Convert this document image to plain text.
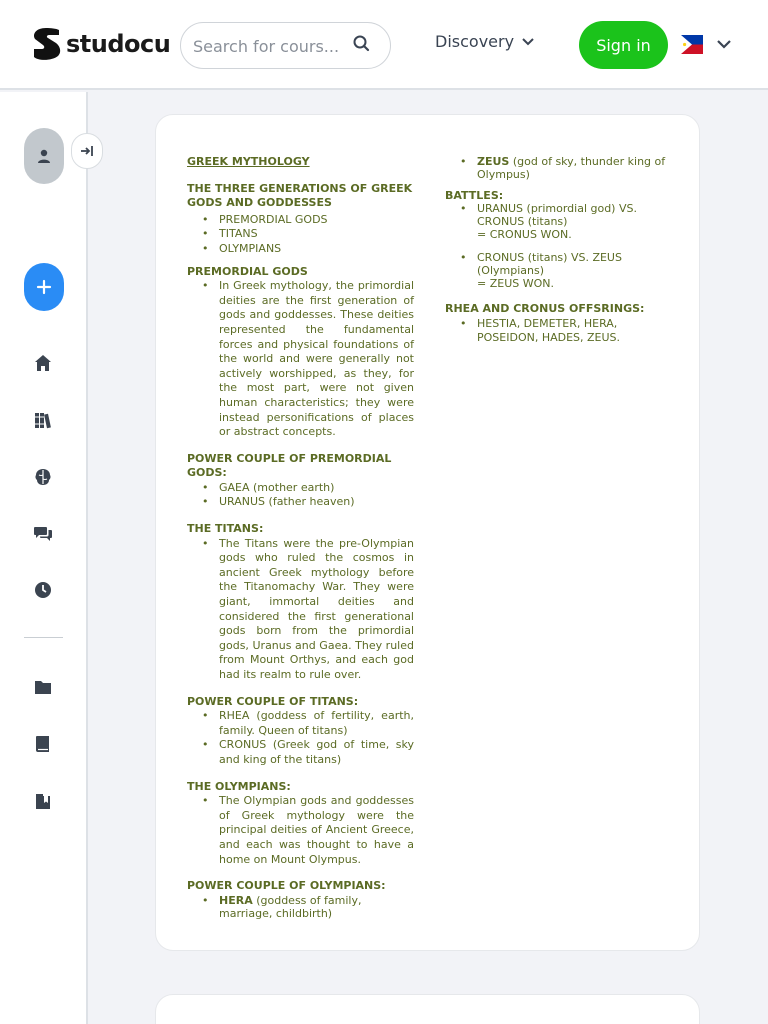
studocu
Search for cours...	Discovery	Sign in
GREEK MYTHOLOGY
THE THREE GENERATIONS OF GREEK GODS AND GODDESSES
• PREMORDIAL GODS
• TITANS
• OLYMPIANS
PREMORDIAL GODS
• In Greek mythology, the primordial deities are the first generation of gods and goddesses. These deities represented the fundamental forces and physical foundations of the world and were generally not actively worshipped, as they, for the most part, were not given human characteristics; they were instead personifications of places or abstract concepts.
POWER COUPLE OF PREMORDIAL GODS:
• GAEA (mother earth)
• URANUS (father heaven)
THE TITANS:
• The Titans were the pre-Olympian gods who ruled the cosmos in ancient Greek mythology before the Titanomachy War. They were giant, immortal deities and considered the first generational gods born from the primordial gods, Uranus and Gaea. They ruled from Mount Orthys, and each god had its realm to rule over.
POWER COUPLE OF TITANS:
• RHEA (goddess of fertility, earth, family. Queen of titans)
• CRONUS (Greek god of time, sky and king of the titans)
THE OLYMPIANS:
• The Olympian gods and goddesses of Greek mythology were the principal deities of Ancient Greece, and each was thought to have a home on Mount Olympus.
POWER COUPLE OF OLYMPIANS:
• HERA (goddess of family, marriage, childbirth)
• ZEUS (god of sky, thunder king of Olympus)
BATTLES:
• URANUS (primordial god) VS. CRONUS (titans)
= CRONUS WON.
• CRONUS (titans) VS. ZEUS (Olympians)
= ZEUS WON.
RHEA AND CRONUS OFFSRINGS:
• HESTIA, DEMETER, HERA, POSEIDON, HADES, ZEUS.
